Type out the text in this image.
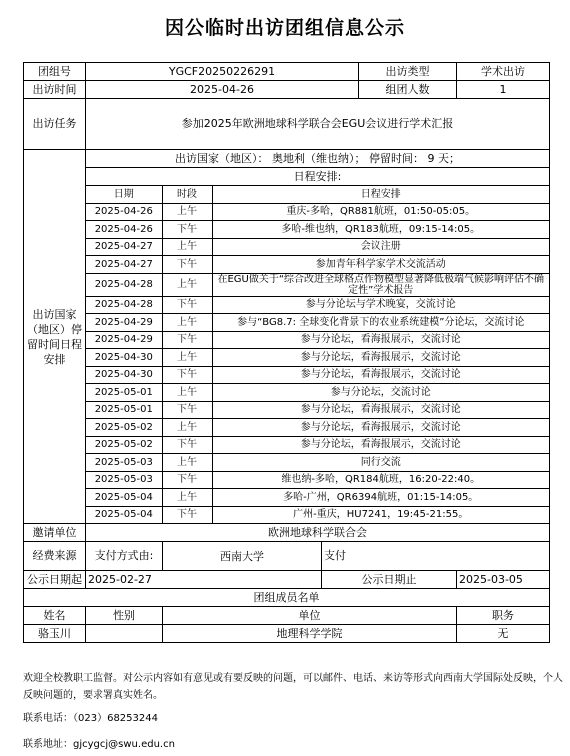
因公临时出访团组信息公示
团组号	YGCF20250226291	出访类型	学术出访
出访时间	2025-04-26	组团人数	1
出访任务	参加2025年欧洲地球科学联合会EGU会议进行学术汇报
出访国家（地区）停留时间日程安排	出访国家（地区）： 奥地利（维也纳）； 停留时间： 9 天；
日程安排:

日期	时段	日程安排
2025-04-26	上午	重庆-多哈，QR881航班，01:50-05:05。
2025-04-26	下午	多哈-维也纳，QR183航班，09:15-14:05。
2025-04-27	上午	会议注册
2025-04-27	下午	参加青年科学家学术交流活动
2025-04-28	上午	在EGU做关于“综合改进全球格点作物模型显著降低极端气候影响评估不确定性”学术报告
2025-04-28	下午	参与分论坛与学术晚宴，交流讨论
2025-04-29	上午	参与“BG8.7: 全球变化背景下的农业系统建模”分论坛，交流讨论
2025-04-29	下午	参与分论坛，看海报展示，交流讨论
2025-04-30	上午	参与分论坛，看海报展示，交流讨论
2025-04-30	下午	参与分论坛，看海报展示，交流讨论
2025-05-01	上午	参与分论坛，交流讨论
2025-05-01	下午	参与分论坛，看海报展示，交流讨论
2025-05-02	上午	参与分论坛，看海报展示，交流讨论
2025-05-02	下午	参与分论坛，看海报展示，交流讨论
2025-05-03	上午	同行交流
2025-05-03	下午	维也纳-多哈，QR184航班，16:20-22:40。
2025-05-04	上午	多哈-广州，QR6394航班，01:15-14:05。
2025-05-04	下午	广州-重庆，HU7241，19:45-21:55。

邀请单位	欧洲地球科学联合会
经费来源	支付方式由:	西南大学	支付
公示日期起	2025-02-27	公示日期止	2025-03-05
团组成员名单
姓名	性别	单位	职务
骆玉川		地理科学学院	无
欢迎全校教职工监督。对公示内容如有意见或有要反映的问题，可以邮件、电话、来访等形式向西南大学国际处反映，个人反映问题的，要求署真实姓名。
联系电话：（023）68253244
联系地址：gjcygcj@swu.edu.cn
